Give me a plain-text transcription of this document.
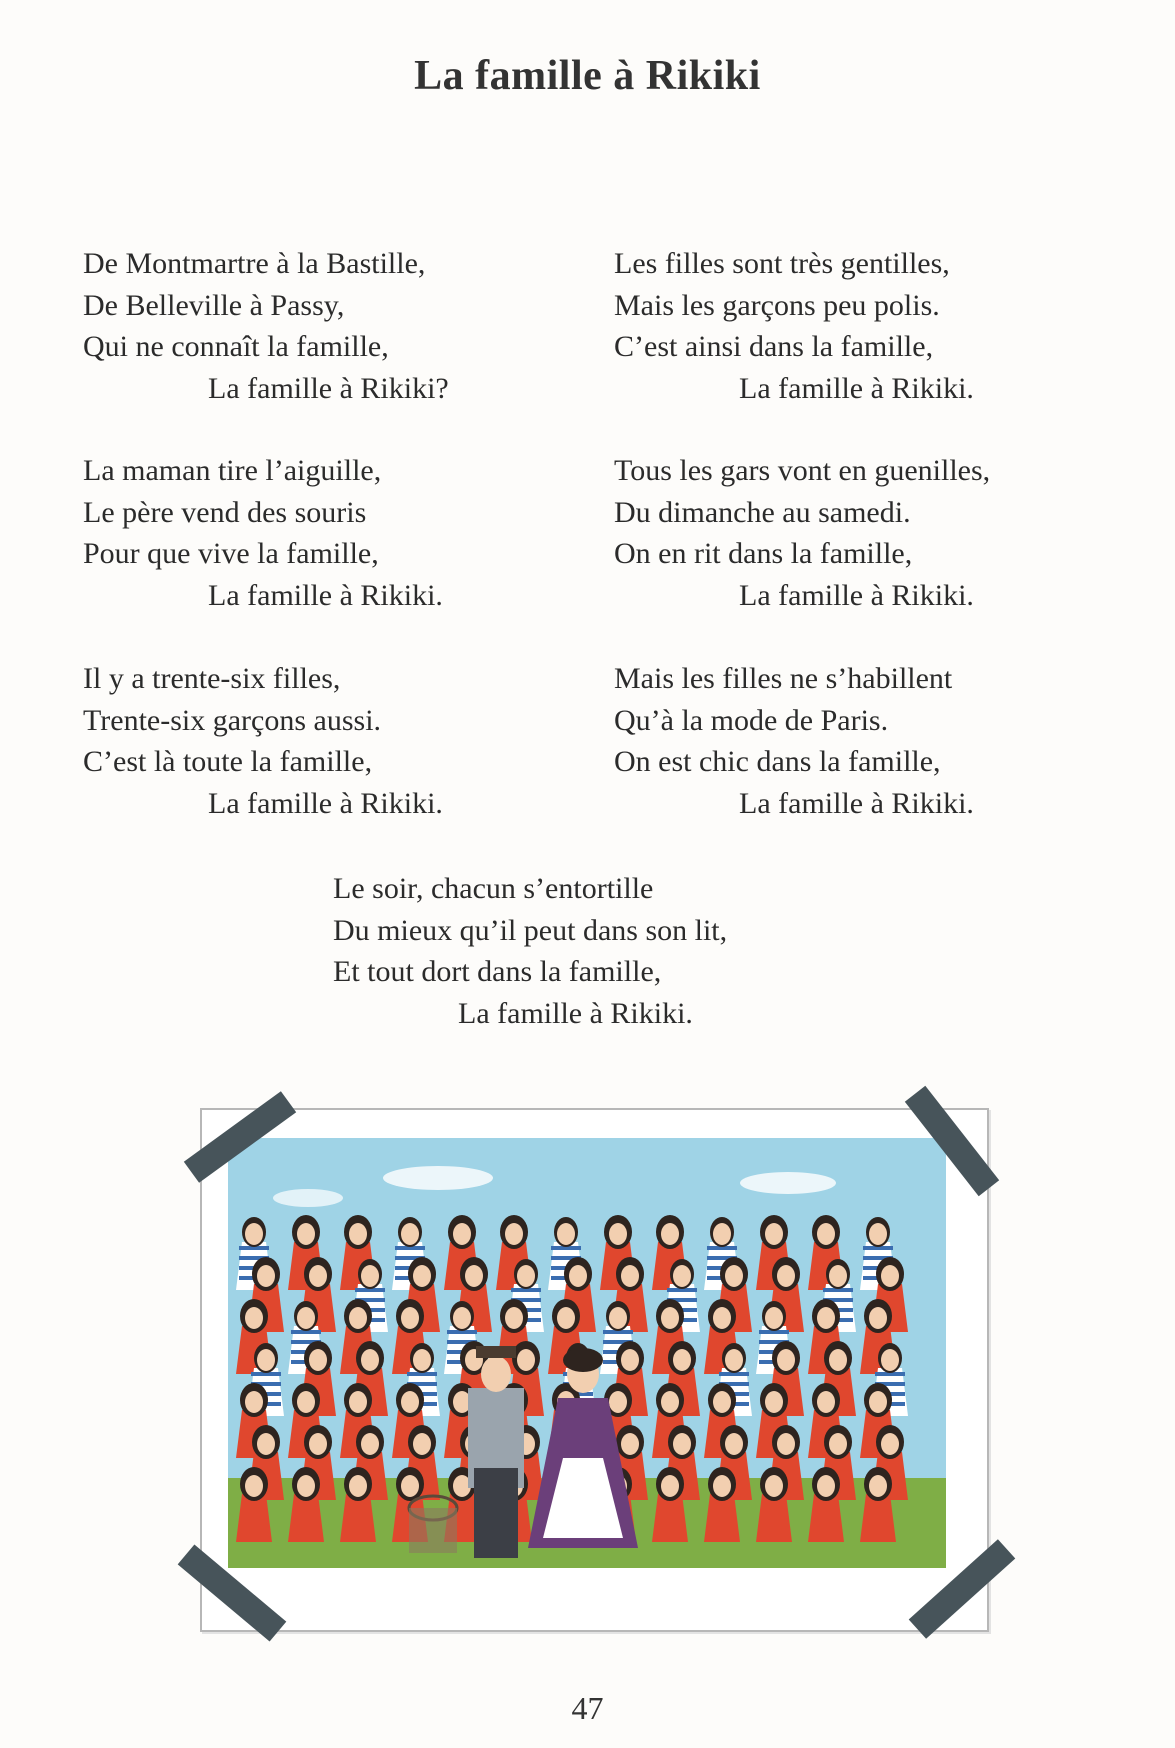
La famille à Rikiki
De Montmartre à la Bastille,
De Belleville à Passy,
Qui ne connaît la famille,
La famille à Rikiki?
La maman tire l’aiguille,
Le père vend des souris
Pour que vive la famille,
La famille à Rikiki.
Il y a trente-six filles,
Trente-six garçons aussi.
C’est là toute la famille,
La famille à Rikiki.
Les filles sont très gentilles,
Mais les garçons peu polis.
C’est ainsi dans la famille,
La famille à Rikiki.
Tous les gars vont en guenilles,
Du dimanche au samedi.
On en rit dans la famille,
La famille à Rikiki.
Mais les filles ne s’habillent
Qu’à la mode de Paris.
On est chic dans la famille,
La famille à Rikiki.
Le soir, chacun s’entortille
Du mieux qu’il peut dans son lit,
Et tout dort dans la famille,
La famille à Rikiki.
47
